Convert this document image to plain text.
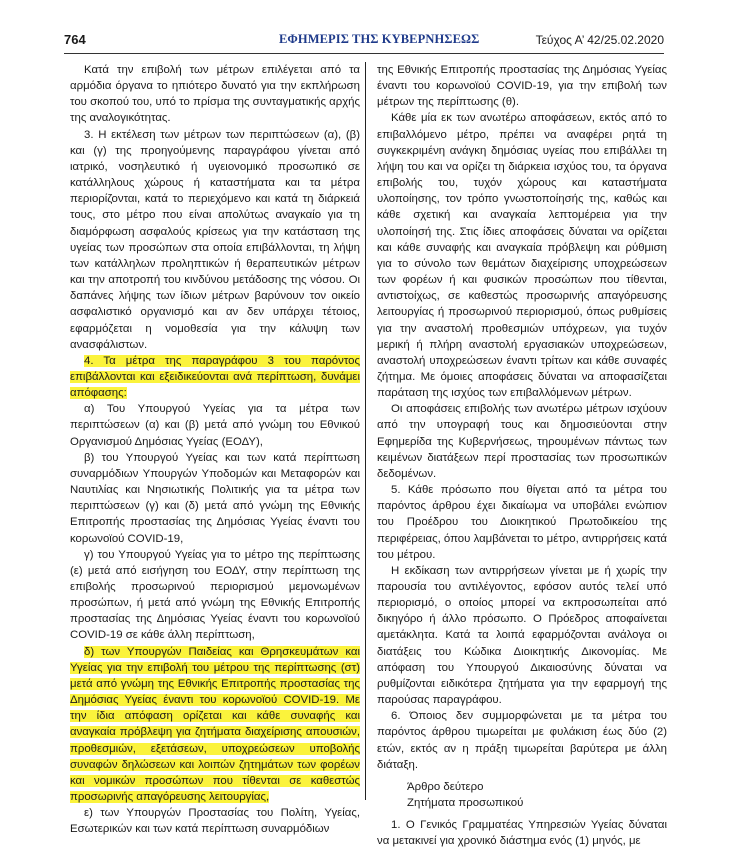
764	ΕΦΗΜΕΡΙΣ ΤΗΣ ΚΥΒΕΡΝΗΣΕΩΣ	Τεύχος Α’ 42/25.02.2020

Κατά την επιβολή των μέτρων επιλέγεται από τα αρμόδια όργανα το ηπιότερο δυνατό για την εκπλήρωση του σκοπού του, υπό το πρίσμα της συνταγματικής αρχής της αναλογικότητας.

3. Η εκτέλεση των μέτρων των περιπτώσεων (α), (β) και (γ) της προηγούμενης παραγράφου γίνεται από ιατρικό, νοσηλευτικό ή υγειονομικό προσωπικό σε κατάλληλους χώρους ή καταστήματα και τα μέτρα περιορίζονται, κατά το περιεχόμενο και κατά τη διάρκειά τους, στο μέτρο που είναι απολύτως αναγκαίο για τη διαμόρφωση ασφαλούς κρίσεως για την κατάσταση της υγείας των προσώπων στα οποία επιβάλλονται, τη λήψη των κατάλληλων προληπτικών ή θεραπευτικών μέτρων και την αποτροπή του κινδύνου μετάδοσης της νόσου. Οι δαπάνες λήψης των ίδιων μέτρων βαρύνουν τον οικείο ασφαλιστικό οργανισμό και αν δεν υπάρχει τέτοιος, εφαρμόζεται η νομοθεσία για την κάλυψη των ανασφάλιστων.

4. Τα μέτρα της παραγράφου 3 του παρόντος επιβάλλονται και εξειδικεύονται ανά περίπτωση, δυνάμει απόφασης:

α) Του Υπουργού Υγείας για τα μέτρα των περιπτώσεων (α) και (β) μετά από γνώμη του Εθνικού Οργανισμού Δημόσιας Υγείας (ΕΟΔΥ),

β) του Υπουργού Υγείας και των κατά περίπτωση συναρμόδιων Υπουργών Υποδομών και Μεταφορών και Ναυτιλίας και Νησιωτικής Πολιτικής για τα μέτρα των περιπτώσεων (γ) και (δ) μετά από γνώμη της Εθνικής Επιτροπής προστασίας της Δημόσιας Υγείας έναντι του κορωνοϊού COVID-19,

γ) του Υπουργού Υγείας για το μέτρο της περίπτωσης (ε) μετά από εισήγηση του ΕΟΔΥ, στην περίπτωση της επιβολής προσωρινού περιορισμού μεμονωμένων προσώπων, ή μετά από γνώμη της Εθνικής Επιτροπής προστασίας της Δημόσιας Υγείας έναντι του κορωνοϊού COVID-19 σε κάθε άλλη περίπτωση,

δ) των Υπουργών Παιδείας και Θρησκευμάτων και Υγείας για την επιβολή του μέτρου της περίπτωσης (στ) μετά από γνώμη της Εθνικής Επιτροπής προστασίας της Δημόσιας Υγείας έναντι του κορωνοϊού COVID-19. Με την ίδια απόφαση ορίζεται και κάθε συναφής και αναγκαία πρόβλεψη για ζητήματα διαχείρισης απουσιών, προθεσμιών, εξετάσεων, υποχρεώσεων υποβολής συναφών δηλώσεων και λοιπών ζητημάτων των φορέων και νομικών προσώπων που τίθενται σε καθεστώς προσωρινής απαγόρευσης λειτουργίας,

ε) των Υπουργών Προστασίας του Πολίτη, Υγείας, Εσωτερικών και των κατά περίπτωση συναρμόδιων

της Εθνικής Επιτροπής προστασίας της Δημόσιας Υγείας έναντι του κορωνοϊού COVID-19, για την επιβολή των μέτρων της περίπτωσης (θ).

Κάθε μία εκ των ανωτέρω αποφάσεων, εκτός από το επιβαλλόμενο μέτρο, πρέπει να αναφέρει ρητά τη συγκεκριμένη ανάγκη δημόσιας υγείας που επιβάλλει τη λήψη του και να ορίζει τη διάρκεια ισχύος του, τα όργανα επιβολής του, τυχόν χώρους και καταστήματα υλοποίησης, τον τρόπο γνωστοποίησής της, καθώς και κάθε σχετική και αναγκαία λεπτομέρεια για την υλοποίησή της. Στις ίδιες αποφάσεις δύναται να ορίζεται και κάθε συναφής και αναγκαία πρόβλεψη και ρύθμιση για το σύνολο των θεμάτων διαχείρισης υποχρεώσεων των φορέων ή και φυσικών προσώπων που τίθενται, αντιστοίχως, σε καθεστώς προσωρινής απαγόρευσης λειτουργίας ή προσωρινού περιορισμού, όπως ρυθμίσεις για την αναστολή προθεσμιών υπόχρεων, για τυχόν μερική ή πλήρη αναστολή εργασιακών υποχρεώσεων, αναστολή υποχρεώσεων έναντι τρίτων και κάθε συναφές ζήτημα. Με όμοιες αποφάσεις δύναται να αποφασίζεται παράταση της ισχύος των επιβαλλόμενων μέτρων.

Οι αποφάσεις επιβολής των ανωτέρω μέτρων ισχύουν από την υπογραφή τους και δημοσιεύονται στην Εφημερίδα της Κυβερνήσεως, τηρουμένων πάντως των κειμένων διατάξεων περί προστασίας των προσωπικών δεδομένων.

5. Κάθε πρόσωπο που θίγεται από τα μέτρα του παρόντος άρθρου έχει δικαίωμα να υποβάλει ενώπιον του Προέδρου του Διοικητικού Πρωτοδικείου της περιφέρειας, όπου λαμβάνεται το μέτρο, αντιρρήσεις κατά του μέτρου.

Η εκδίκαση των αντιρρήσεων γίνεται με ή χωρίς την παρουσία του αντιλέγοντος, εφόσον αυτός τελεί υπό περιορισμό, ο οποίος μπορεί να εκπροσωπείται από δικηγόρο ή άλλο πρόσωπο. Ο Πρόεδρος αποφαίνεται αμετάκλητα. Κατά τα λοιπά εφαρμόζονται ανάλογα οι διατάξεις του Κώδικα Διοικητικής Δικονομίας. Με απόφαση του Υπουργού Δικαιοσύνης δύναται να ρυθμίζονται ειδικότερα ζητήματα για την εφαρμογή της παρούσας παραγράφου.

6. Όποιος δεν συμμορφώνεται με τα μέτρα του παρόντος άρθρου τιμωρείται με φυλάκιση έως δύο (2) ετών, εκτός αν η πράξη τιμωρείται βαρύτερα με άλλη διάταξη.

Άρθρο δεύτερο
Ζητήματα προσωπικού

1. Ο Γενικός Γραμματέας Υπηρεσιών Υγείας δύναται να μετακινεί για χρονικό διάστημα ενός (1) μηνός, με
